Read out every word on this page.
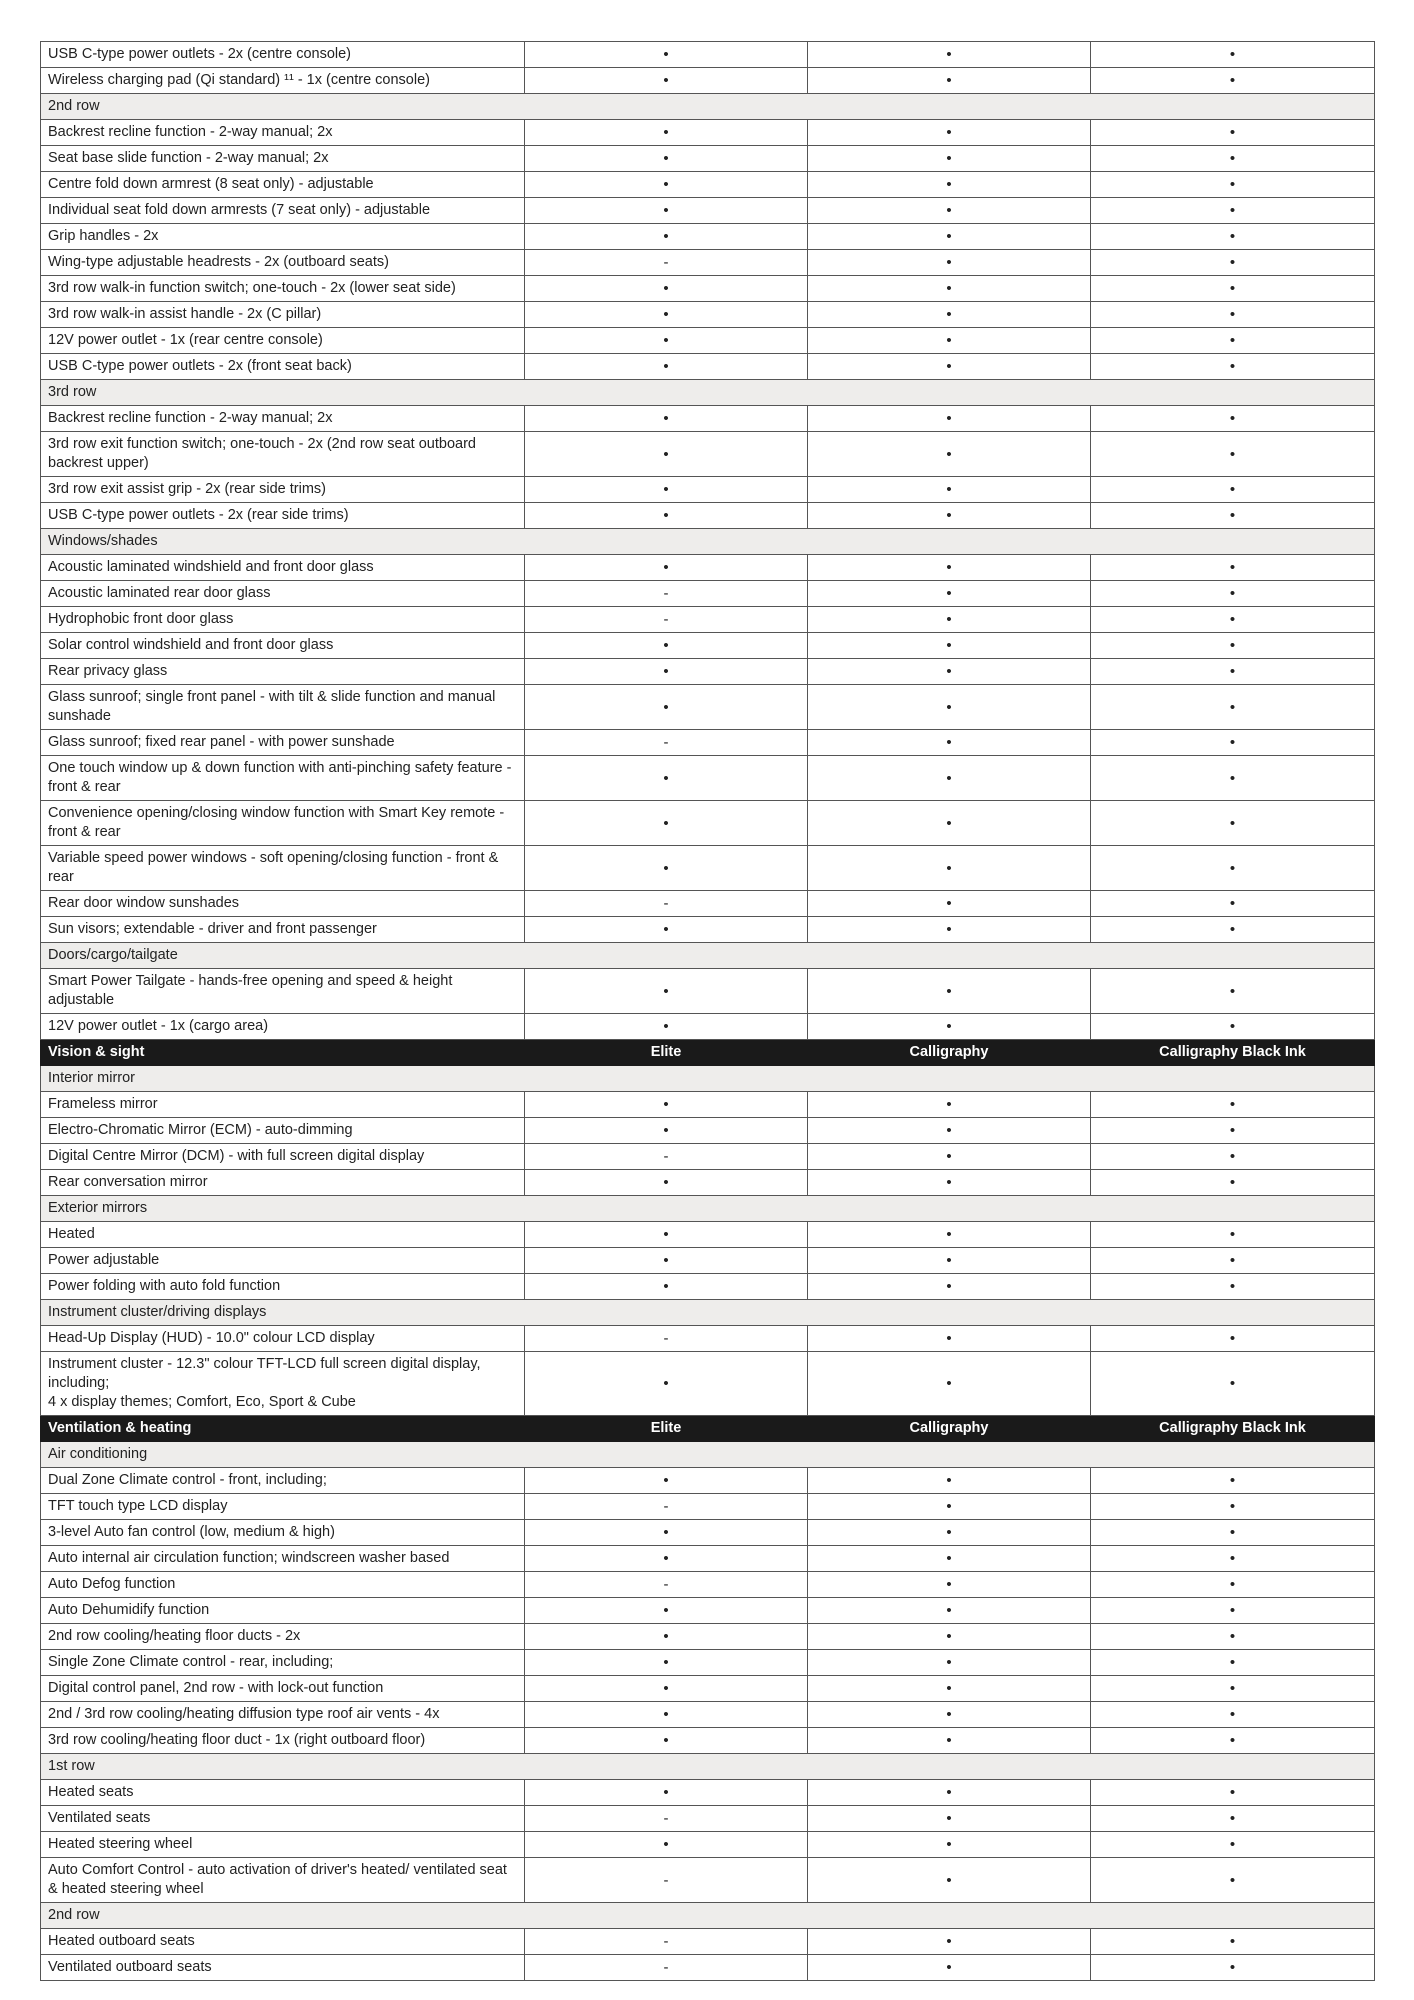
USB C-type power outlets - 2x (centre console)	•	•	•
Wireless charging pad (Qi standard) ¹¹ - 1x (centre console)	•	•	•
2nd row			
Backrest recline function - 2-way manual; 2x	•	•	•
Seat base slide function - 2-way manual; 2x	•	•	•
Centre fold down armrest (8 seat only) - adjustable	•	•	•
Individual seat fold down armrests (7 seat only) - adjustable	•	•	•
Grip handles - 2x	•	•	•
Wing-type adjustable headrests - 2x (outboard seats)	-	•	•
3rd row walk-in function switch; one-touch - 2x (lower seat side)	•	•	•
3rd row walk-in assist handle - 2x (C pillar)	•	•	•
12V power outlet - 1x (rear centre console)	•	•	•
USB C-type power outlets - 2x (front seat back)	•	•	•
3rd row			
Backrest recline function - 2-way manual; 2x	•	•	•
3rd row exit function switch; one-touch - 2x (2nd row seat outboard backrest upper)	•	•	•
3rd row exit assist grip - 2x (rear side trims)	•	•	•
USB C-type power outlets - 2x (rear side trims)	•	•	•
Windows/shades			
Acoustic laminated windshield and front door glass	•	•	•
Acoustic laminated rear door glass	-	•	•
Hydrophobic front door glass	-	•	•
Solar control windshield and front door glass	•	•	•
Rear privacy glass	•	•	•
Glass sunroof; single front panel - with tilt & slide function and manual sunshade	•	•	•
Glass sunroof; fixed rear panel - with power sunshade	-	•	•
One touch window up & down function with anti-pinching safety feature - front & rear	•	•	•
Convenience opening/closing window function with Smart Key remote - front & rear	•	•	•
Variable speed power windows - soft opening/closing function - front & rear	•	•	•
Rear door window sunshades	-	•	•
Sun visors; extendable - driver and front passenger	•	•	•
Doors/cargo/tailgate			
Smart Power Tailgate - hands-free opening and speed & height adjustable	•	•	•
12V power outlet - 1x (cargo area)	•	•	•
Vision & sight	Elite	Calligraphy	Calligraphy Black Ink
Interior mirror			
Frameless mirror	•	•	•
Electro-Chromatic Mirror (ECM) - auto-dimming	•	•	•
Digital Centre Mirror (DCM) - with full screen digital display	-	•	•
Rear conversation mirror	•	•	•
Exterior mirrors			
Heated	•	•	•
Power adjustable	•	•	•
Power folding with auto fold function	•	•	•
Instrument cluster/driving displays			
Head-Up Display (HUD) - 10.0" colour LCD display	-	•	•
Instrument cluster - 12.3" colour TFT-LCD full screen digital display, including;
4 x display themes; Comfort, Eco, Sport & Cube	•	•	•
Ventilation & heating	Elite	Calligraphy	Calligraphy Black Ink
Air conditioning			
Dual Zone Climate control - front, including;	•	•	•
TFT touch type LCD display	-	•	•
3-level Auto fan control (low, medium & high)	•	•	•
Auto internal air circulation function; windscreen washer based	•	•	•
Auto Defog function	-	•	•
Auto Dehumidify function	•	•	•
2nd row cooling/heating floor ducts - 2x	•	•	•
Single Zone Climate control - rear, including;	•	•	•
Digital control panel, 2nd row - with lock-out function	•	•	•
2nd / 3rd row cooling/heating diffusion type roof air vents - 4x	•	•	•
3rd row cooling/heating floor duct - 1x (right outboard floor)	•	•	•
1st row			
Heated seats	•	•	•
Ventilated seats	-	•	•
Heated steering wheel	•	•	•
Auto Comfort Control - auto activation of driver's heated/ ventilated seat & heated steering wheel	-	•	•
2nd row			
Heated outboard seats	-	•	•
Ventilated outboard seats	-	•	•
